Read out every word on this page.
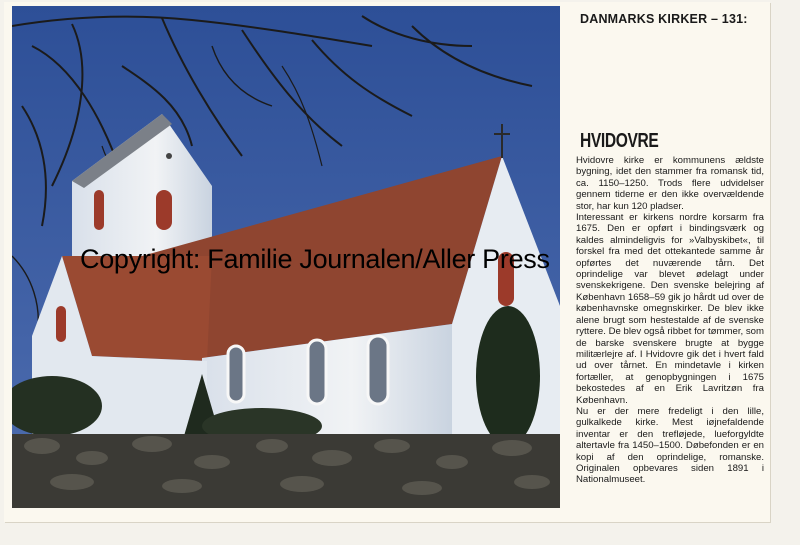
DANMARKS KIRKER – 131:
HVIDOVRE

Hvidovre kirke er kommunens ældste bygning, idet den stammer fra romansk tid, ca. 1150–1250. Trods flere udvidelser gennem tiderne er den ikke overvældende stor, har kun 120 pladser.

Interessant er kirkens nordre korsarm fra 1675. Den er opført i bindingsværk og kaldes almindeligvis for »Valbyskibet«, til forskel fra med det ottekantede samme år opførtes det nuværende tårn. Det oprindelige var blevet ødelagt under svenskekrigene. Den svenske belejring af København 1658–59 gik jo hårdt ud over de københavnske omegnskirker. De blev ikke alene brugt som hestestalde af de svenske ryttere. De blev også ribbet for tømmer, som de barske svenskere brugte at bygge militærlejre af. I Hvidovre gik det i hvert fald ud over tårnet. En mindetavle i kirken fortæller, at genopbygningen i 1675 bekostedes af en Erik Lavritzøn fra København.

Nu er der mere fredeligt i den lille, gulkalkede kirke. Mest iøjnefaldende inventar er den trefløjede, lueforgyldte altertavle fra 1450–1500. Døbefonden er en kopi af den oprindelige, romanske. Originalen opbevares siden 1891 i Nationalmuseet.

Copyright: Familie Journalen/Aller Press
